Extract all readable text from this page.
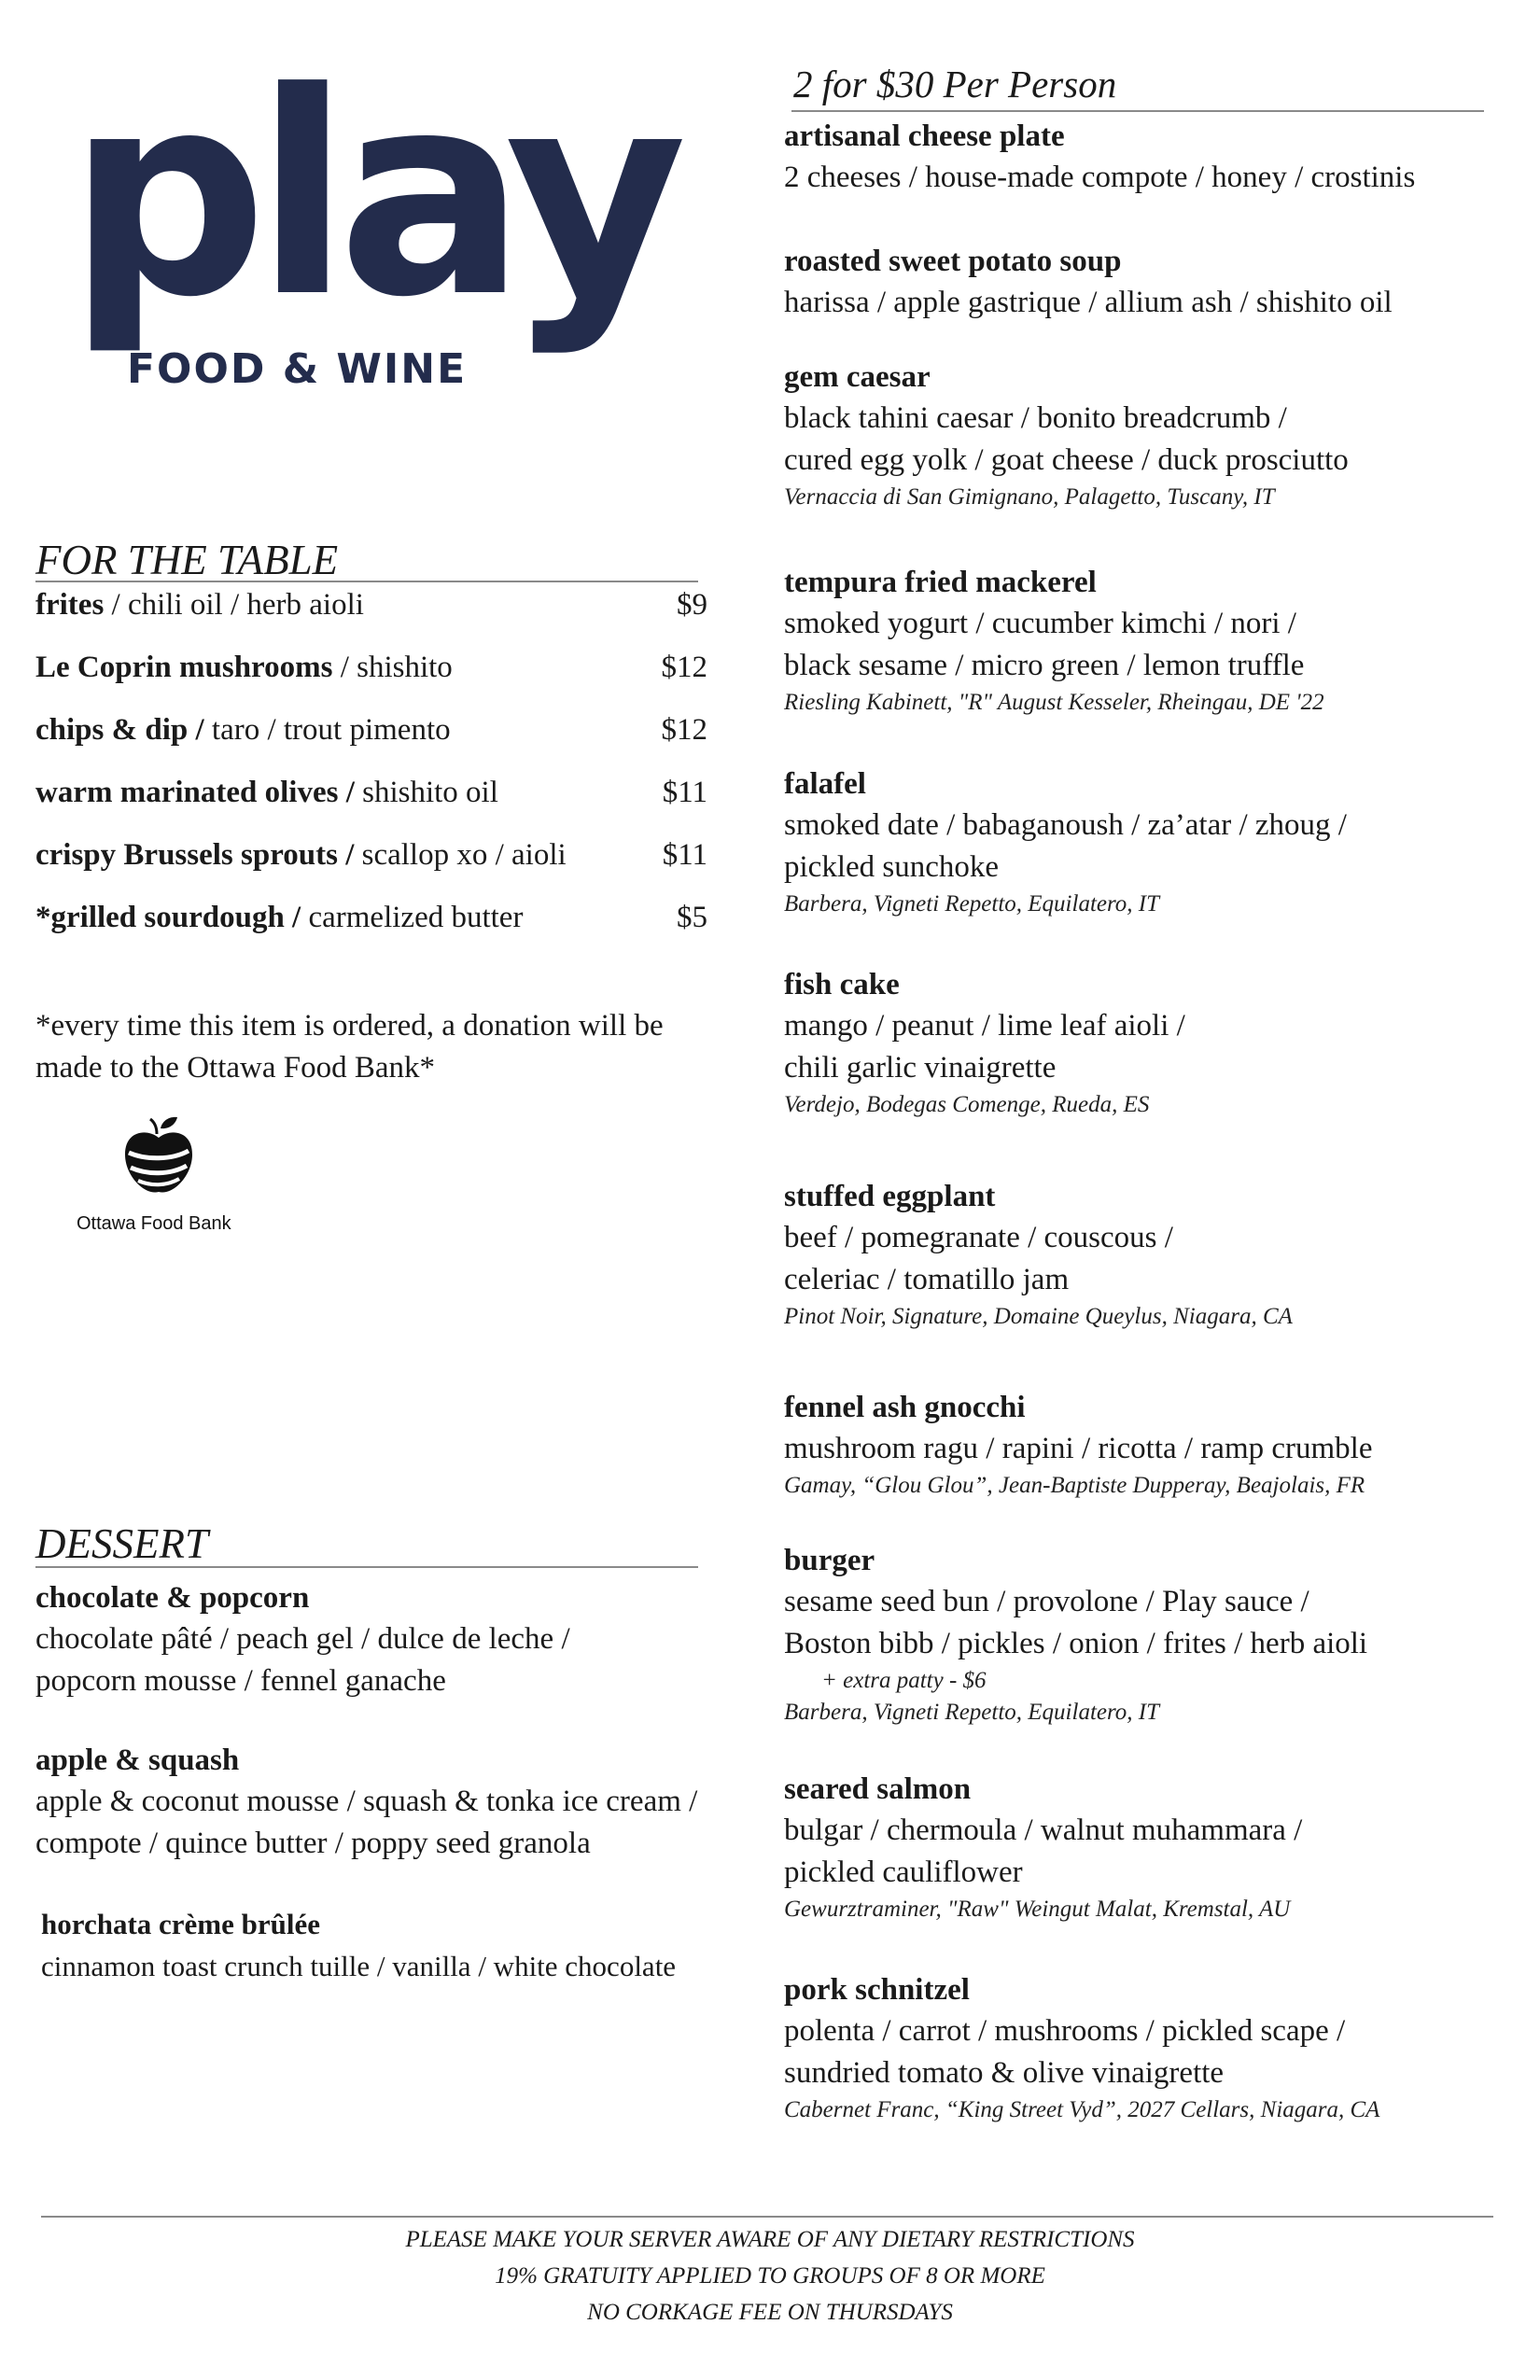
play
FOOD & WINE
FOR THE TABLE
frites / chili oil / herb aioli	$9
Le Coprin mushrooms / shishito	$12
chips & dip / taro / trout pimento	$12
warm marinated olives / shishito oil	$11
crispy Brussels sprouts / scallop xo / aioli	$11
*grilled sourdough / carmelized butter	$5
*every time this item is ordered, a donation will be made to the Ottawa Food Bank*
Ottawa Food Bank
DESSERT
chocolate & popcorn
chocolate pâté / peach gel / dulce de leche /
popcorn mousse / fennel ganache
apple & squash
apple & coconut mousse / squash & tonka ice cream /
compote / quince butter / poppy seed granola
horchata crème brûlée
cinnamon toast crunch tuille / vanilla / white chocolate
2 for $30 Per Person
artisanal cheese plate
2 cheeses / house-made compote / honey / crostinis
roasted sweet potato soup
harissa / apple gastrique / allium ash / shishito oil
gem caesar
black tahini caesar / bonito breadcrumb /
cured egg yolk / goat cheese / duck prosciutto
Vernaccia di San Gimignano, Palagetto, Tuscany, IT
tempura fried mackerel
smoked yogurt / cucumber kimchi / nori /
black sesame / micro green / lemon truffle
Riesling Kabinett, "R" August Kesseler, Rheingau, DE '22
falafel
smoked date / babaganoush / za’atar / zhoug /
pickled sunchoke
Barbera, Vigneti Repetto, Equilatero, IT
fish cake
mango / peanut / lime leaf aioli /
chili garlic vinaigrette
Verdejo, Bodegas Comenge, Rueda, ES
stuffed eggplant
beef / pomegranate / couscous /
celeriac / tomatillo jam
Pinot Noir, Signature, Domaine Queylus, Niagara, CA
fennel ash gnocchi
mushroom ragu / rapini / ricotta / ramp crumble
Gamay, “Glou Glou”, Jean-Baptiste Dupperay, Beajolais, FR
burger
sesame seed bun / provolone / Play sauce /
Boston bibb / pickles / onion / frites / herb aioli
+ extra patty - $6
Barbera, Vigneti Repetto, Equilatero, IT
seared salmon
bulgar / chermoula / walnut muhammara /
pickled cauliflower
Gewurztraminer, "Raw" Weingut Malat, Kremstal, AU
pork schnitzel
polenta / carrot / mushrooms / pickled scape /
sundried tomato & olive vinaigrette
Cabernet Franc, “King Street Vyd”, 2027 Cellars, Niagara, CA
PLEASE MAKE YOUR SERVER AWARE OF ANY DIETARY RESTRICTIONS
19% GRATUITY APPLIED TO GROUPS OF 8 OR MORE
NO CORKAGE FEE ON THURSDAYS
